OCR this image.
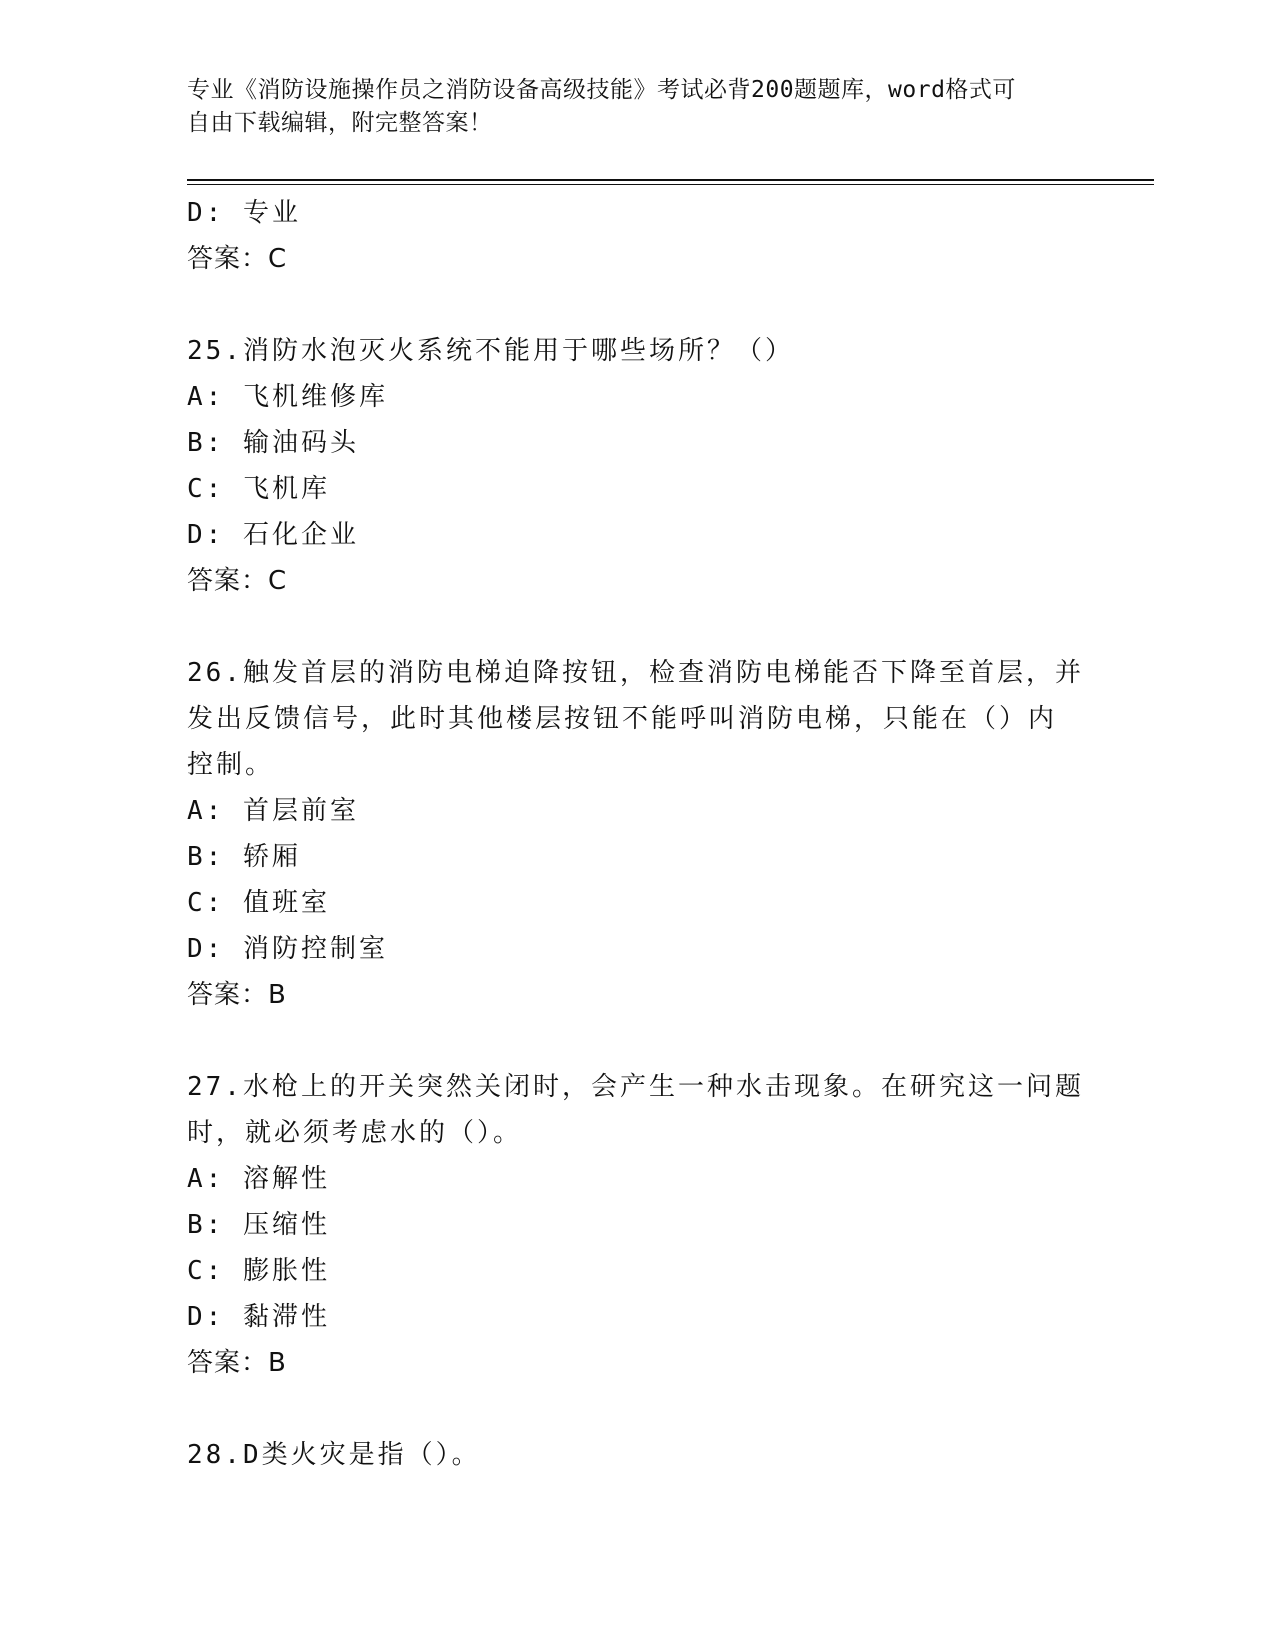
专业《消防设施操作员之消防设备高级技能》考试必背200题题库，word格式可
自由下载编辑，附完整答案！
D: 专业
答案：C
25.消防水泡灭火系统不能用于哪些场所？（）
A: 飞机维修库
B: 输油码头
C: 飞机库
D: 石化企业
答案：C
26.触发首层的消防电梯迫降按钮，检查消防电梯能否下降至首层，并
发出反馈信号，此时其他楼层按钮不能呼叫消防电梯，只能在（）内
控制。
A: 首层前室
B: 轿厢
C: 值班室
D: 消防控制室
答案：B
27.水枪上的开关突然关闭时，会产生一种水击现象。在研究这一问题
时，就必须考虑水的（）。
A: 溶解性
B: 压缩性
C: 膨胀性
D: 黏滞性
答案：B
28.D类火灾是指（）。
